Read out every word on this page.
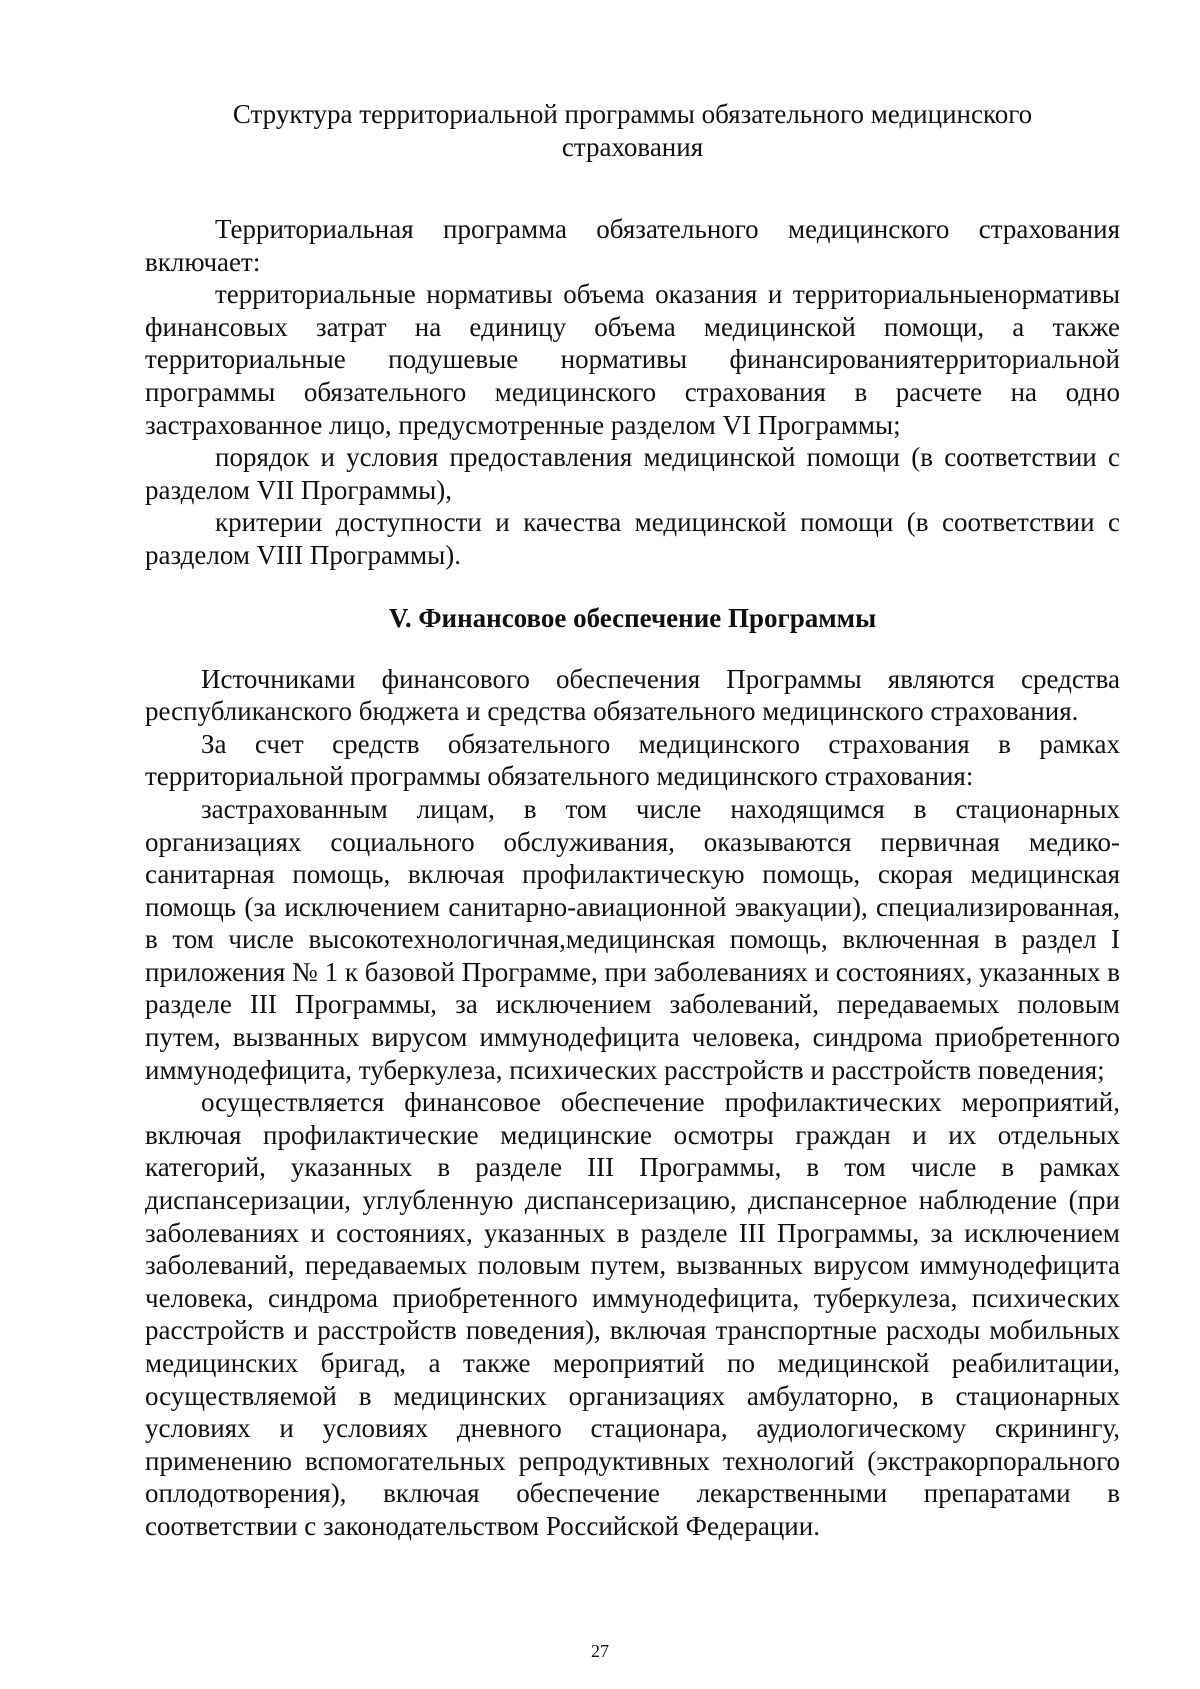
Структура территориальной программы обязательного медицинского
страхования

Территориальная программа обязательного медицинского страхования включает:

территориальные нормативы объема оказания и территориальныенормативы финансовых затрат на единицу объема медицинской помощи, а также территориальные подушевые нормативы финансированиятерриториальной программы обязательного медицинского страхования в расчете на одно застрахованное лицо, предусмотренные разделом VI Программы;

порядок и условия предоставления медицинской помощи (в соответствии с разделом VII Программы),

критерии доступности и качества медицинской помощи (в соответствии с разделом VIII Программы).

V. Финансовое обеспечение Программы

Источниками финансового обеспечения Программы являются средства республиканского бюджета и средства обязательного медицинского страхования.

За счет средств обязательного медицинского страхования в рамках территориальной программы обязательного медицинского страхования:

застрахованным лицам, в том числе находящимся в стационарных организациях социального обслуживания, оказываются первичная медико-санитарная помощь, включая профилактическую помощь, скорая медицинская помощь (за исключением санитарно-авиационной эвакуации), специализированная, в том числе высокотехнологичная,медицинская помощь, включенная в раздел I приложения № 1 к базовой Программе, при заболеваниях и состояниях, указанных в разделе III Программы, за исключением заболеваний, передаваемых половым путем, вызванных вирусом иммунодефицита человека, синдрома приобретенного иммунодефицита, туберкулеза, психических расстройств и расстройств поведения;

осуществляется финансовое обеспечение профилактических мероприятий, включая профилактические медицинские осмотры граждан и их отдельных категорий, указанных в разделе III Программы, в том числе в рамках диспансеризации, углубленную диспансеризацию, диспансерное наблюдение (при заболеваниях и состояниях, указанных в разделе III Программы, за исключением заболеваний, передаваемых половым путем, вызванных вирусом иммунодефицита человека, синдрома приобретенного иммунодефицита, туберкулеза, психических расстройств и расстройств поведения), включая транспортные расходы мобильных медицинских бригад, а также мероприятий по медицинской реабилитации, осуществляемой в медицинских организациях амбулаторно, в стационарных условиях и условиях дневного стационара, аудиологическому скринингу, применению вспомогательных репродуктивных технологий (экстракорпорального оплодотворения), включая обеспечение лекарственными препаратами в соответствии с законодательством Российской Федерации.

27
